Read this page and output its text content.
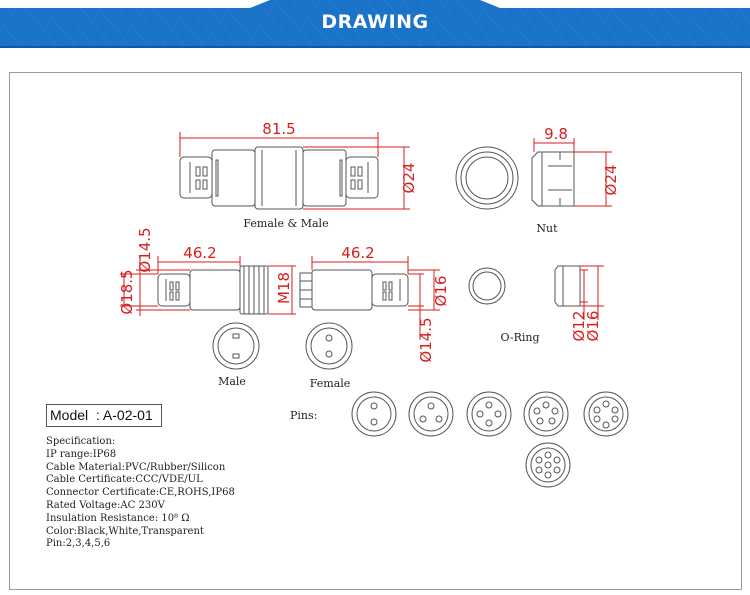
DRAWING
81.5
Ø24
9.8
Ø24
Ø14.5
Ø18.5
46.2
M18
46.2
Ø16
Ø14.5	Ø12
Ø16
Female & Male	Nut
O-Ring
Male	Female
Pins:
Model  : A-02-01
Specification:
IP range:IP68
Cable Material:PVC/Rubber/Silicon
Cable Certificate:CCC/VDE/UL
Connector Certificate:CE,ROHS,IP68
Rated Voltage:AC 230V
Insulation Resistance: 10⁸ Ω
Color:Black,White,Transparent
Pin:2,3,4,5,6
